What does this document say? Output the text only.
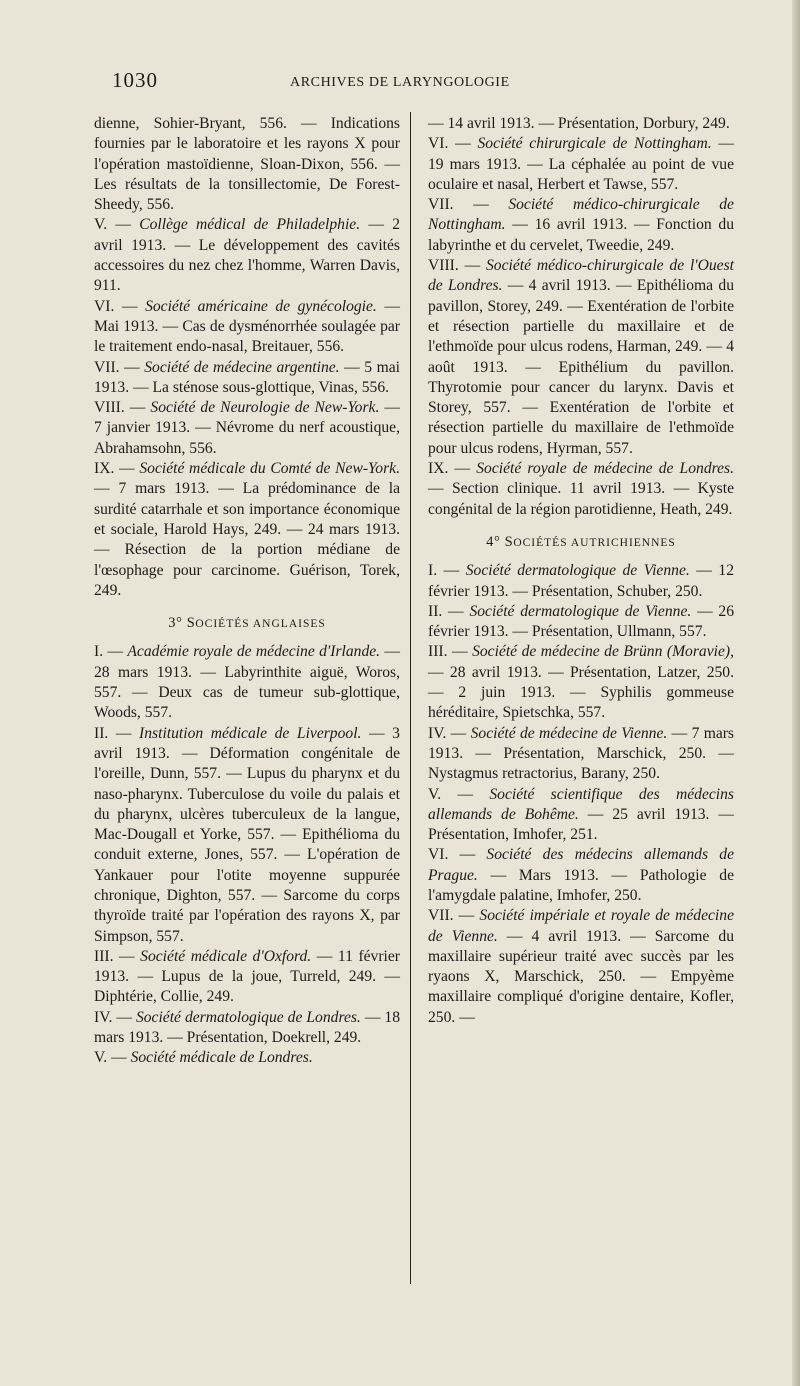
1030	ARCHIVES DE LARYNGOLOGIE

dienne, Sohier-Bryant, 556. — Indications fournies par le laboratoire et les rayons X pour l'opération mastoïdienne, Sloan-Dixon, 556. — Les résultats de la tonsillectomie, De Forest-Sheedy, 556.

V. — Collège médical de Philadelphie. — 2 avril 1913. — Le développement des cavités accessoires du nez chez l'homme, Warren Davis, 911.

VI. — Société américaine de gynécologie. — Mai 1913. — Cas de dysménorrhée soulagée par le traitement endo-nasal, Breitauer, 556.

VII. — Société de médecine argentine. — 5 mai 1913. — La sténose sous-glottique, Vinas, 556.

VIII. — Société de Neurologie de New-York. — 7 janvier 1913. — Névrome du nerf acoustique, Abrahamsohn, 556.

IX. — Société médicale du Comté de New-York. — 7 mars 1913. — La prédominance de la surdité catarrhale et son importance économique et sociale, Harold Hays, 249. — 24 mars 1913. — Résection de la portion médiane de l'œsophage pour carcinome. Guérison, Torek, 249.

3° SOCIÉTÉS ANGLAISES

I. — Académie royale de médecine d'Irlande. — 28 mars 1913. — Labyrinthite aiguë, Woros, 557. — Deux cas de tumeur sub-glottique, Woods, 557.

II. — Institution médicale de Liverpool. — 3 avril 1913. — Déformation congénitale de l'oreille, Dunn, 557. — Lupus du pharynx et du naso-pharynx. Tuberculose du voile du palais et du pharynx, ulcères tuberculeux de la langue, Mac-Dougall et Yorke, 557. — Epithélioma du conduit externe, Jones, 557. — L'opération de Yankauer pour l'otite moyenne suppurée chronique, Dighton, 557. — Sarcome du corps thyroïde traité par l'opération des rayons X, par Simpson, 557.

III. — Société médicale d'Oxford. — 11 février 1913. — Lupus de la joue, Turreld, 249. — Diphtérie, Collie, 249.

IV. — Société dermatologique de Londres. — 18 mars 1913. — Présentation, Doekrell, 249.

V. — Société médicale de Londres.

— 14 avril 1913. — Présentation, Dorbury, 249.

VI. — Société chirurgicale de Nottingham. — 19 mars 1913. — La céphalée au point de vue oculaire et nasal, Herbert et Tawse, 557.

VII. — Société médico-chirurgicale de Nottingham. — 16 avril 1913. — Fonction du labyrinthe et du cervelet, Tweedie, 249.

VIII. — Société médico-chirurgicale de l'Ouest de Londres. — 4 avril 1913. — Epithélioma du pavillon, Storey, 249. — Exentération de l'orbite et résection partielle du maxillaire et de l'ethmoïde pour ulcus rodens, Harman, 249. — 4 août 1913. — Epithélium du pavillon. Thyrotomie pour cancer du larynx. Davis et Storey, 557. — Exentération de l'orbite et résection partielle du maxillaire de l'ethmoïde pour ulcus rodens, Hyrman, 557.

IX. — Société royale de médecine de Londres. — Section clinique. 11 avril 1913. — Kyste congénital de la région parotidienne, Heath, 249.

4° SOCIÉTÉS AUTRICHIENNES

I. — Société dermatologique de Vienne. — 12 février 1913. — Présentation, Schuber, 250.

II. — Société dermatologique de Vienne. — 26 février 1913. — Présentation, Ullmann, 557.

III. — Société de médecine de Brünn (Moravie), — 28 avril 1913. — Présentation, Latzer, 250. — 2 juin 1913. — Syphilis gommeuse héréditaire, Spietschka, 557.

IV. — Société de médecine de Vienne. — 7 mars 1913. — Présentation, Marschick, 250. — Nystagmus retractorius, Barany, 250.

V. — Société scientifique des médecins allemands de Bohême. — 25 avril 1913. — Présentation, Imhofer, 251.

VI. — Société des médecins allemands de Prague. — Mars 1913. — Pathologie de l'amygdale palatine, Imhofer, 250.

VII. — Société impériale et royale de médecine de Vienne. — 4 avril 1913. — Sarcome du maxillaire supérieur traité avec succès par les ryaons X, Marschick, 250. — Empyème maxillaire compliqué d'origine dentaire, Kofler, 250. —
